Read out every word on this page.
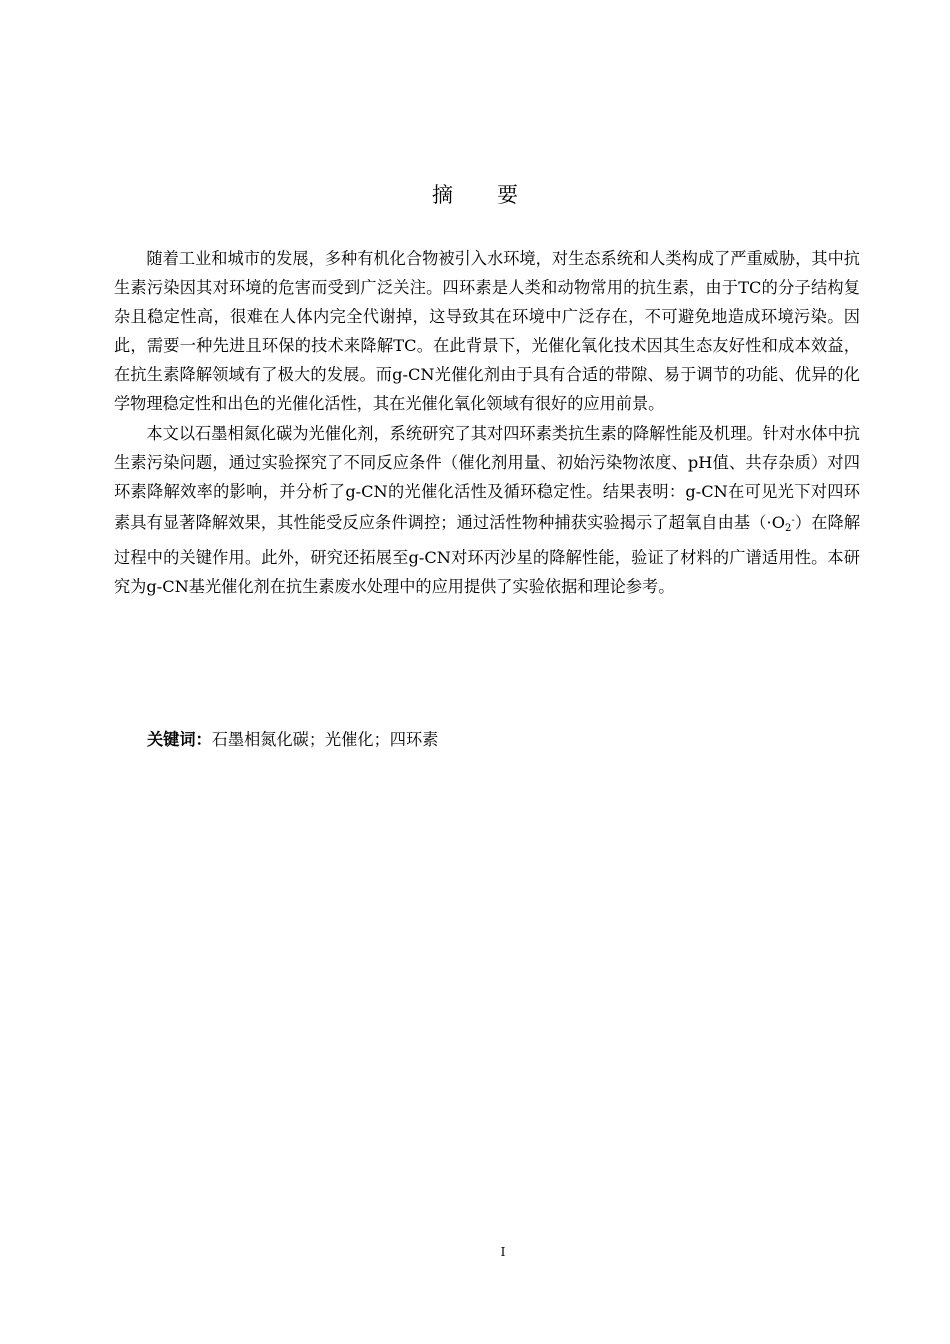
摘要

随着工业和城市的发展，多种有机化合物被引入水环境，对生态系统和人类构成了严重威胁，其中抗生素污染因其对环境的危害而受到广泛关注。四环素是人类和动物常用的抗生素，由于TC的分子结构复杂且稳定性高，很难在人体内完全代谢掉，这导致其在环境中广泛存在，不可避免地造成环境污染。因此，需要一种先进且环保的技术来降解TC。在此背景下，光催化氧化技术因其生态友好性和成本效益，在抗生素降解领域有了极大的发展。而g-CN光催化剂由于具有合适的带隙、易于调节的功能、优异的化学物理稳定性和出色的光催化活性，其在光催化氧化领域有很好的应用前景。

本文以石墨相氮化碳为光催化剂，系统研究了其对四环素类抗生素的降解性能及机理。针对水体中抗生素污染问题，通过实验探究了不同反应条件（催化剂用量、初始污染物浓度、pH值、共存杂质）对四环素降解效率的影响，并分析了g-CN的光催化活性及循环稳定性。结果表明：g-CN在可见光下对四环素具有显著降解效果，其性能受反应条件调控；通过活性物种捕获实验揭示了超氧自由基$(\cdot O_2^-)$在降解过程中的关键作用。此外，研究还拓展至g-CN对环丙沙星的降解性能，验证了材料的广谱适用性。本研究为g-CN基光催化剂在抗生素废水处理中的应用提供了实验依据和理论参考。

关键词：石墨相氮化碳；光催化；四环素
I
